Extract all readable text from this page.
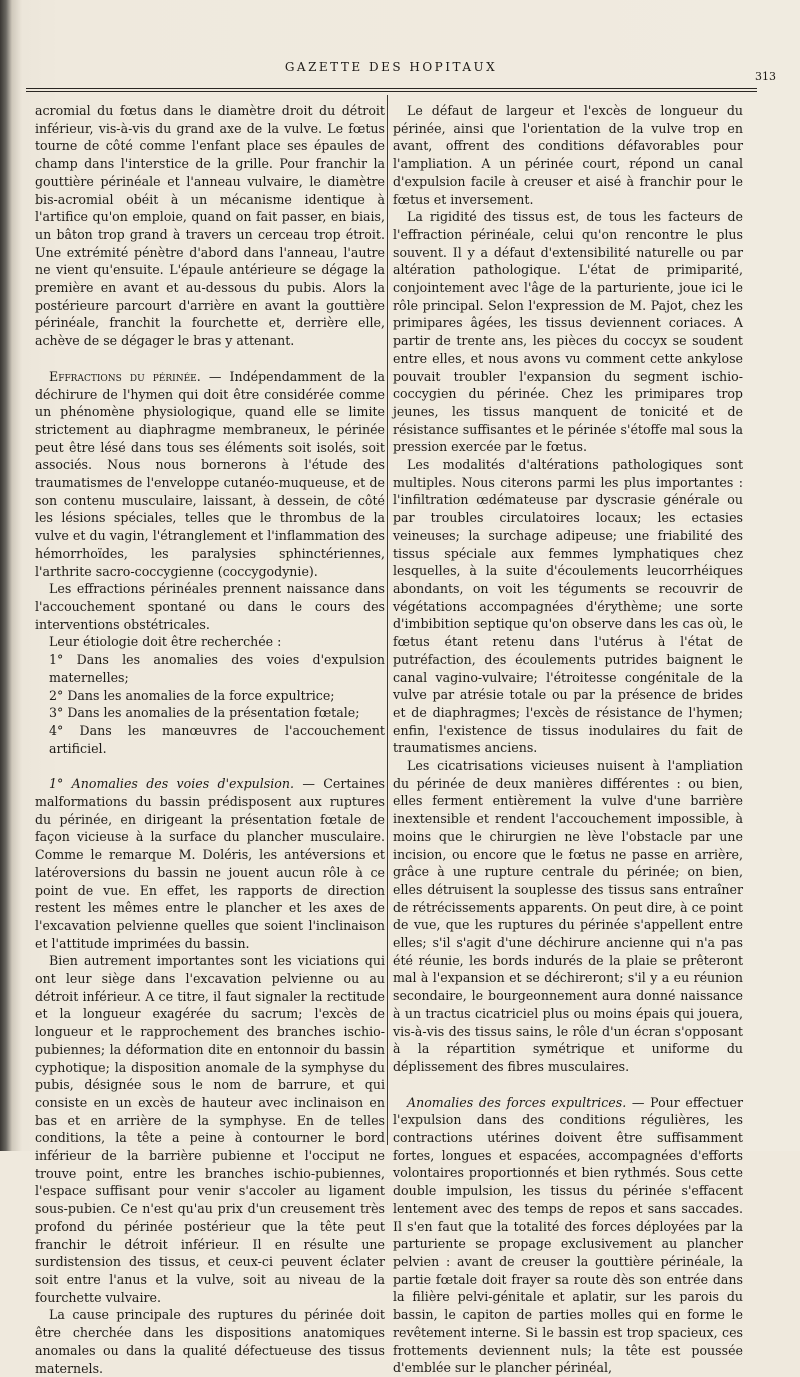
GAZETTE DES HOPITAUX
313

acromial du fœtus dans le diamètre droit du détroit inférieur, vis-à-vis du grand axe de la vulve. Le fœtus tourne de côté comme l'enfant place ses épaules de champ dans l'interstice de la grille. Pour franchir la gouttière périnéale et l'anneau vulvaire, le diamètre bis-acromial obéit à un mécanisme identique à l'artifice qu'on emploie, quand on fait passer, en biais, un bâton trop grand à travers un cerceau trop étroit. Une extrémité pénètre d'abord dans l'anneau, l'autre ne vient qu'ensuite. L'épaule antérieure se dégage la première en avant et au-dessous du pubis. Alors la postérieure parcourt d'arrière en avant la gouttière périnéale, franchit la fourchette et, derrière elle, achève de se dégager le bras y attenant.

Effractions du périnée. — Indépendamment de la déchirure de l'hymen qui doit être considérée comme un phénomène physiologique, quand elle se limite strictement au diaphragme membraneux, le périnée peut être lésé dans tous ses éléments soit isolés, soit associés. Nous nous bornerons à l'étude des traumatismes de l'enveloppe cutanéo-muqueuse, et de son contenu musculaire, laissant, à dessein, de côté les lésions spéciales, telles que le thrombus de la vulve et du vagin, l'étranglement et l'inflammation des hémorrhoïdes, les paralysies sphinctériennes, l'arthrite sacro-coccygienne (coccygodynie).

Les effractions périnéales prennent naissance dans l'accouchement spontané ou dans le cours des interventions obstétricales.

Leur étiologie doit être recherchée :

1° Dans les anomalies des voies d'expulsion maternelles;

2° Dans les anomalies de la force expultrice;

3° Dans les anomalies de la présentation fœtale;

4° Dans les manœuvres de l'accouchement artificiel.

1° Anomalies des voies d'expulsion. — Certaines malformations du bassin prédisposent aux ruptures du périnée, en dirigeant la présentation fœtale de façon vicieuse à la surface du plancher musculaire. Comme le remarque M. Doléris, les antéversions et latéroversions du bassin ne jouent aucun rôle à ce point de vue. En effet, les rapports de direction restent les mêmes entre le plancher et les axes de l'excavation pelvienne quelles que soient l'inclinaison et l'attitude imprimées du bassin.

Bien autrement importantes sont les viciations qui ont leur siège dans l'excavation pelvienne ou au détroit inférieur. A ce titre, il faut signaler la rectitude et la longueur exagérée du sacrum; l'excès de longueur et le rapprochement des branches ischio-pubiennes; la déformation dite en entonnoir du bassin cyphotique; la disposition anomale de la symphyse du pubis, désignée sous le nom de barrure, et qui consiste en un excès de hauteur avec inclinaison en bas et en arrière de la symphyse. En de telles conditions, la tête a peine à contourner le bord inférieur de la barrière pubienne et l'occiput ne trouve point, entre les branches ischio-pubiennes, l'espace suffisant pour venir s'accoler au ligament sous-pubien. Ce n'est qu'au prix d'un creusement très profond du périnée postérieur que la tête peut franchir le détroit inférieur. Il en résulte une surdistension des tissus, et ceux-ci peuvent éclater soit entre l'anus et la vulve, soit au niveau de la fourchette vulvaire.

La cause principale des ruptures du périnée doit être cherchée dans les dispositions anatomiques anomales ou dans la qualité défectueuse des tissus maternels.

Le défaut de largeur et l'excès de longueur du périnée, ainsi que l'orientation de la vulve trop en avant, offrent des conditions défavorables pour l'ampliation. A un périnée court, répond un canal d'expulsion facile à creuser et aisé à franchir pour le fœtus et inversement.

La rigidité des tissus est, de tous les facteurs de l'effraction périnéale, celui qu'on rencontre le plus souvent. Il y a défaut d'extensibilité naturelle ou par altération pathologique. L'état de primiparité, conjointement avec l'âge de la parturiente, joue ici le rôle principal. Selon l'expression de M. Pajot, chez les primipares âgées, les tissus deviennent coriaces. A partir de trente ans, les pièces du coccyx se soudent entre elles, et nous avons vu comment cette ankylose pouvait troubler l'expansion du segment ischio-coccygien du périnée. Chez les primipares trop jeunes, les tissus manquent de tonicité et de résistance suffisantes et le périnée s'étoffe mal sous la pression exercée par le fœtus.

Les modalités d'altérations pathologiques sont multiples. Nous citerons parmi les plus importantes : l'infiltration œdémateuse par dyscrasie générale ou par troubles circulatoires locaux; les ectasies veineuses; la surchage adipeuse; une friabilité des tissus spéciale aux femmes lymphatiques chez lesquelles, à la suite d'écoulements leucorrhéiques abondants, on voit les téguments se recouvrir de végétations accompagnées d'érythème; une sorte d'imbibition septique qu'on observe dans les cas où, le fœtus étant retenu dans l'utérus à l'état de putréfaction, des écoulements putrides baignent le canal vagino-vulvaire; l'étroitesse congénitale de la vulve par atrésie totale ou par la présence de brides et de diaphragmes; l'excès de résistance de l'hymen; enfin, l'existence de tissus inodulaires du fait de traumatismes anciens.

Les cicatrisations vicieuses nuisent à l'ampliation du périnée de deux manières différentes : ou bien, elles ferment entièrement la vulve d'une barrière inextensible et rendent l'accouchement impossible, à moins que le chirurgien ne lève l'obstacle par une incision, ou encore que le fœtus ne passe en arrière, grâce à une rupture centrale du périnée; on bien, elles détruisent la souplesse des tissus sans entraîner de rétrécissements apparents. On peut dire, à ce point de vue, que les ruptures du périnée s'appellent entre elles; s'il s'agit d'une déchirure ancienne qui n'a pas été réunie, les bords indurés de la plaie se prêteront mal à l'expansion et se déchireront; s'il y a eu réunion secondaire, le bourgeonnement aura donné naissance à un tractus cicatriciel plus ou moins épais qui jouera, vis-à-vis des tissus sains, le rôle d'un écran s'opposant à la répartition symétrique et uniforme du déplissement des fibres musculaires.

Anomalies des forces expultrices. — Pour effectuer l'expulsion dans des conditions régulières, les contractions utérines doivent être suffisamment fortes, longues et espacées, accompagnées d'efforts volontaires proportionnés et bien rythmés. Sous cette double impulsion, les tissus du périnée s'effacent lentement avec des temps de repos et sans saccades. Il s'en faut que la totalité des forces déployées par la parturiente se propage exclusivement au plancher pelvien : avant de creuser la gouttière périnéale, la partie fœtale doit frayer sa route dès son entrée dans la filière pelvi-génitale et aplatir, sur les parois du bassin, le capiton de parties molles qui en forme le revêtement interne. Si le bassin est trop spacieux, ces frottements deviennent nuls; la tête est poussée d'emblée sur le plancher périnéal,
